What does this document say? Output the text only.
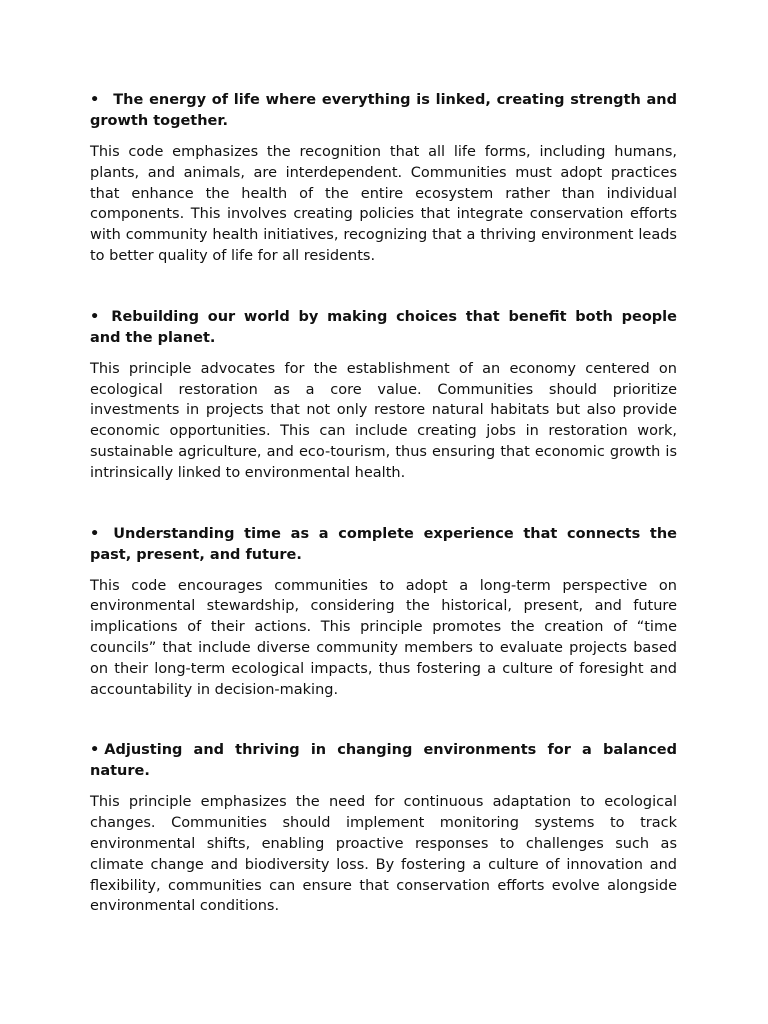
• The energy of life where everything is linked, creating strength and growth together.

This code emphasizes the recognition that all life forms, including humans, plants, and animals, are interdependent. Communities must adopt practices that enhance the health of the entire ecosystem rather than individual components. This involves creating policies that integrate conservation efforts with community health initiatives, recognizing that a thriving environment leads to better quality of life for all residents.

• Rebuilding our world by making choices that benefit both people and the planet.

This principle advocates for the establishment of an economy centered on ecological restoration as a core value. Communities should prioritize investments in projects that not only restore natural habitats but also provide economic opportunities. This can include creating jobs in restoration work, sustainable agriculture, and eco-tourism, thus ensuring that economic growth is intrinsically linked to environmental health.

• Understanding time as a complete experience that connects the past, present, and future.

This code encourages communities to adopt a long-term perspective on environmental stewardship, considering the historical, present, and future implications of their actions. This principle promotes the creation of “time councils” that include diverse community members to evaluate projects based on their long-term ecological impacts, thus fostering a culture of foresight and accountability in decision-making.

• Adjusting and thriving in changing environments for a balanced nature.

This principle emphasizes the need for continuous adaptation to ecological changes. Communities should implement monitoring systems to track environmental shifts, enabling proactive responses to challenges such as climate change and biodiversity loss. By fostering a culture of innovation and flexibility, communities can ensure that conservation efforts evolve alongside environmental conditions.
